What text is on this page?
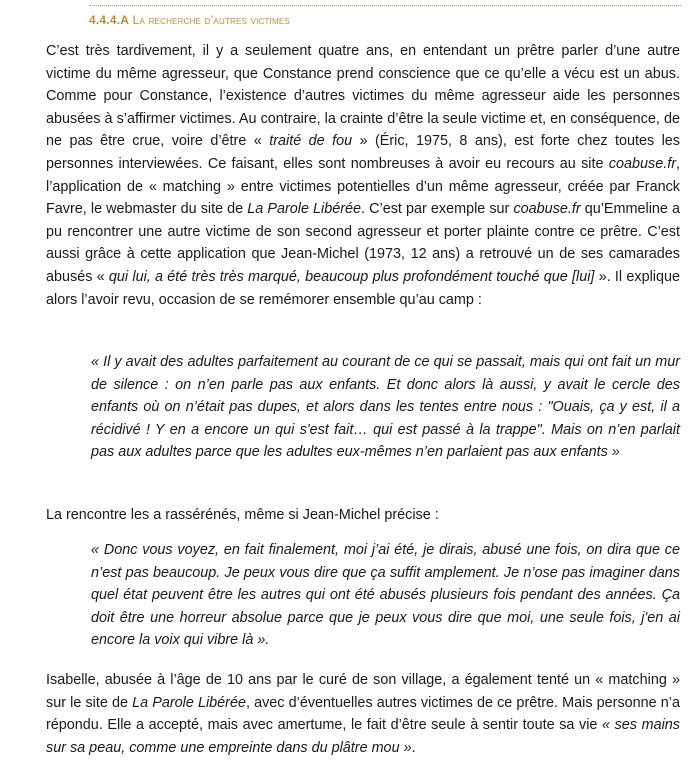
4.4.4.A La recherche d’autres victimes
C’est très tardivement, il y a seulement quatre ans, en entendant un prêtre parler d’une autre victime du même agresseur, que Constance prend conscience que ce qu’elle a vécu est un abus. Comme pour Constance, l’existence d’autres victimes du même agresseur aide les personnes abusées à s’affirmer victimes. Au contraire, la crainte d’être la seule victime et, en conséquence, de ne pas être crue, voire d’être « traité de fou » (Éric, 1975, 8 ans), est forte chez toutes les personnes interviewées. Ce faisant, elles sont nombreuses à avoir eu recours au site coabuse.fr, l’application de « matching » entre victimes potentielles d’un même agresseur, créée par Franck Favre, le webmaster du site de La Parole Libérée. C’est par exemple sur coabuse.fr qu’Emmeline a pu rencontrer une autre victime de son second agresseur et porter plainte contre ce prêtre. C’est aussi grâce à cette application que Jean-Michel (1973, 12 ans) a retrouvé un de ses camarades abusés « qui lui, a été très très marqué, beaucoup plus profondément touché que [lui] ». Il explique alors l’avoir revu, occasion de se remémorer ensemble qu’au camp :
« Il y avait des adultes parfaitement au courant de ce qui se passait, mais qui ont fait un mur de silence : on n’en parle pas aux enfants. Et donc alors là aussi, y avait le cercle des enfants où on n’était pas dupes, et alors dans les tentes entre nous : "Ouais, ça y est, il a récidivé ! Y en a encore un qui s'est fait… qui est passé à la trappe". Mais on n’en parlait pas aux adultes parce que les adultes eux-mêmes n’en parlaient pas aux enfants »
La rencontre les a rassérénés, même si Jean-Michel précise :
« Donc vous voyez, en fait finalement, moi j’ai été, je dirais, abusé une fois, on dira que ce n’est pas beaucoup. Je peux vous dire que ça suffit amplement. Je n’ose pas imaginer dans quel état peuvent être les autres qui ont été abusés plusieurs fois pendant des années. Ça doit être une horreur absolue parce que je peux vous dire que moi, une seule fois, j'en ai encore la voix qui vibre là ».
Isabelle, abusée à l’âge de 10 ans par le curé de son village, a également tenté un « matching » sur le site de La Parole Libérée, avec d’éventuelles autres victimes de ce prêtre. Mais personne n’a répondu. Elle a accepté, mais avec amertume, le fait d’être seule à sentir toute sa vie « ses mains sur sa peau, comme une empreinte dans du plâtre mou ».
